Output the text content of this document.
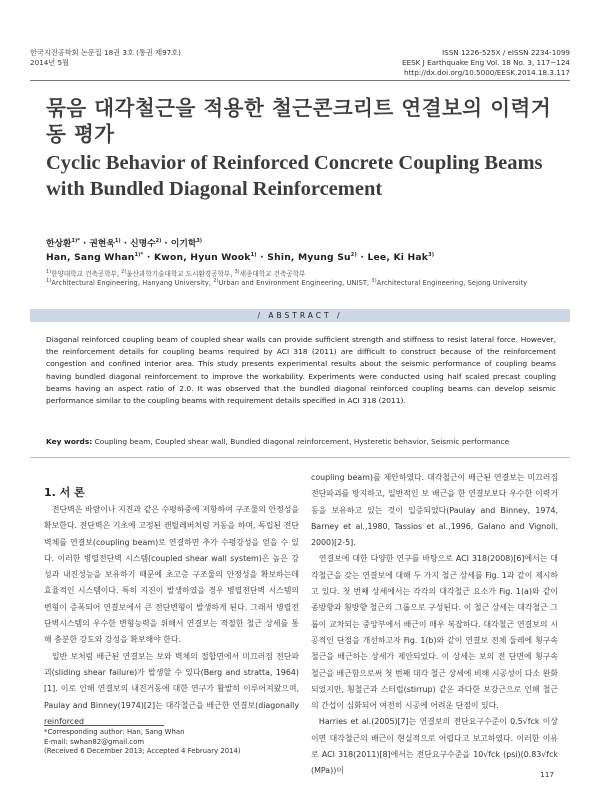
한국지진공학회 논문집 18권 3호 (통권 제97호)
2014년 5월
ISSN 1226-525X / eISSN 2234-1099
EESK J Earthquake Eng Vol. 18 No. 3, 117~124
http://dx.doi.org/10.5000/EESK.2014.18.3.117
묶음 대각철근을 적용한 철근콘크리트 연결보의 이력거동 평가
Cyclic Behavior of Reinforced Concrete Coupling Beams with Bundled Diagonal Reinforcement
한상환$^{1)*}$ · 권현욱$^{1)}$ · 신명수$^{2)}$ · 이기학$^{3)}$
Han, Sang Whan$^{1)*}$ · Kwon, Hyun Wook$^{1)}$ · Shin, Myung $Su^{2)}$ · Lee, Ki Hak$^{3)}$
$^{1)}$한양대학교 건축공학부, $^{2)}$울산과학기술대학교 도시환경공학부, $^{3)}$세종대학교 건축공학부
$^{1)}$Architectural Engineering, Hanyang University, $^{2)}$Urban and Environment Engineering, UNIST, $^{3)}$Architectural Engineering, Sejong University
/ ABSTRACT /

Diagonal reinforced coupling beam of coupled shear walls can provide sufficient strength and stiffness to resist lateral force. However, the reinforcement details for coupling beams required by ACI 318 (2011) are difficult to construct because of the reinforcement congestion and confined interior area. This study presents experimental results about the seismic performance of coupling beams having bundled diagonal reinforcement to improve the workability. Experiments were conducted using half scaled precast coupling beams having an aspect ratio of 2.0. It was observed that the bundled diagonal reinforced coupling beams can develop seismic performance similar to the coupling beams with requirement details specified in ACI 318 (2011).

Key words: Coupling beam, Coupled shear wall, Bundled diagonal reinforcement, Hysteretic behavior, Seismic performance
1. 서 론

전단벽은 바람이나 지진과 같은 수평하중에 저항하여 구조물의 안정성을 확보한다. 전단벽은 기초에 고정된 캔틸레버처럼 거동을 하며, 독립된 전단벽체를 연결보(coupling beam)로 연결하면 추가 수평강성을 얻을 수 있다. 이러한 병렬전단벽 시스템(coupled shear wall system)은 높은 강성과 내진성능을 보유하기 때문에 초고층 구조물의 안정성을 확보하는데 효율적인 시스템이다. 특히 지진이 발생하였을 경우 병렬전단벽 시스템의 변형이 증폭되어 연결보에서 큰 전단변형이 발생하게 된다. 그래서 병렬전단벽시스템의 우수한 변형능력을 위해서 연결보는 적절한 철근 상세를 통해 충분한 강도와 강성을 확보해야 한다.

일반 보처럼 배근된 연결보는 보와 벽체의 접합면에서 미끄러짐 전단파괴(sliding shear failure)가 발생할 수 있다(Berg and stratta, 1964)[1]. 이로 인해 연결보의 내진거동에 대한 연구가 활발히 이루어져왔으며, Paulay and Binney(1974)[2]는 대각철근을 배근한 연결보(diagonally reinforced

coupling beam)를 제안하였다. 대각철근이 배근된 연결보는 미끄러짐 전단파괴를 방지하고, 일반적인 보 배근을 한 연결보보다 우수한 이력거동을 보유하고 있는 것이 입증되었다(Paulay and Binney, 1974, Barney et al.,1980, Tassios et al.,1996, Galano and Vignoli, 2000)[2-5].

연결보에 대한 다양한 연구를 바탕으로 ACI 318(2008)[6]에서는 대각철근을 갖는 연결보에 대해 두 가지 철근 상세를 Fig. 1과 같이 제시하고 있다. 첫 번째 상세에서는 각각의 대각철근 요소가 Fig. 1(a)와 같이 종방향과 횡방향 철근의 그룹으로 구성된다. 이 철근 상세는 대각철근 그룹이 교차되는 중앙부에서 배근이 매우 복잡하다. 대각철근 연결보의 시공적인 단점을 개선하고자 Fig. 1(b)와 같이 연결보 전체 둘레에 횡구속 철근을 배근하는 상세가 제안되었다. 이 상세는 보의 전 단면에 횡구속 철근을 배근함으로써 첫 번째 대각 철근 상세에 비해 시공성이 다소 완화되었지만, 횡철근과 스터럽(stirrup) 같은 과다한 보강근으로 인해 철근의 간섭이 심화되어 여전히 시공에 어려운 단점이 있다.

Harries et al.(2005)[7]는 연결보의 전단요구수준이 0.5√fck 이상이면 대각철근의 배근이 현실적으로 어렵다고 보고하였다. 이러한 이유로 ACI 318(2011)[8]에서는 전단요구수준을 10√fck (psi)(0.83√fck (MPa))이

*Corresponding author: Han, Sang Whan
E-mail: swhan82@gmail.com
(Received 6 December 2013; Accepted 4 February 2014)
117
